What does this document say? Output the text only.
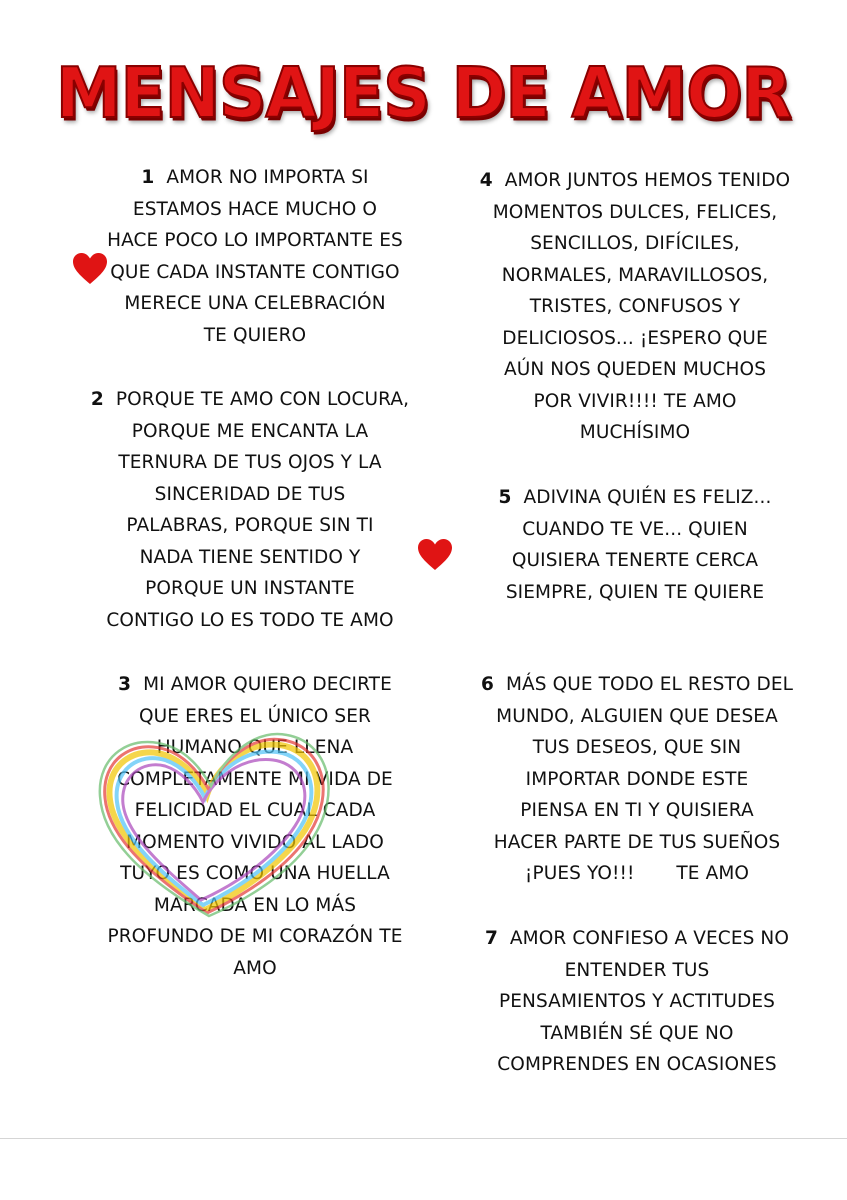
MENSAJES DE AMOR
1 AMOR NO IMPORTA SI
ESTAMOS HACE MUCHO O
HACE POCO LO IMPORTANTE ES
QUE CADA INSTANTE CONTIGO
MERECE UNA CELEBRACIÓN
TE QUIERO
2 PORQUE TE AMO CON LOCURA,
PORQUE ME ENCANTA LA
TERNURA DE TUS OJOS Y LA
SINCERIDAD DE TUS
PALABRAS, PORQUE SIN TI
NADA TIENE SENTIDO Y
PORQUE UN INSTANTE
CONTIGO LO ES TODO TE AMO
3 MI AMOR QUIERO DECIRTE
QUE ERES EL ÚNICO SER
HUMANO QUE LLENA
COMPLETAMENTE MI VIDA DE
FELICIDAD EL CUAL CADA
MOMENTO VIVIDO AL LADO
TUYO ES COMO UNA HUELLA
MARCADA EN LO MÁS
PROFUNDO DE MI CORAZÓN TE
AMO
4 AMOR JUNTOS HEMOS TENIDO
MOMENTOS DULCES, FELICES,
SENCILLOS, DIFÍCILES,
NORMALES, MARAVILLOSOS,
TRISTES, CONFUSOS Y
DELICIOSOS... ¡ESPERO QUE
AÚN NOS QUEDEN MUCHOS
POR VIVIR!!!! TE AMO
MUCHÍSIMO
5 ADIVINA QUIÉN ES FELIZ...
CUANDO TE VE... QUIEN
QUISIERA TENERTE CERCA
SIEMPRE, QUIEN TE QUIERE
6 MÁS QUE TODO EL RESTO DEL
MUNDO, ALGUIEN QUE DESEA
TUS DESEOS, QUE SIN
IMPORTAR DONDE ESTE
PIENSA EN TI Y QUISIERA
HACER PARTE DE TUS SUEÑOS
¡PUES YO!!!       TE AMO
7 AMOR CONFIESO A VECES NO
ENTENDER TUS
PENSAMIENTOS Y ACTITUDES
TAMBIÉN SÉ QUE NO
COMPRENDES EN OCASIONES
